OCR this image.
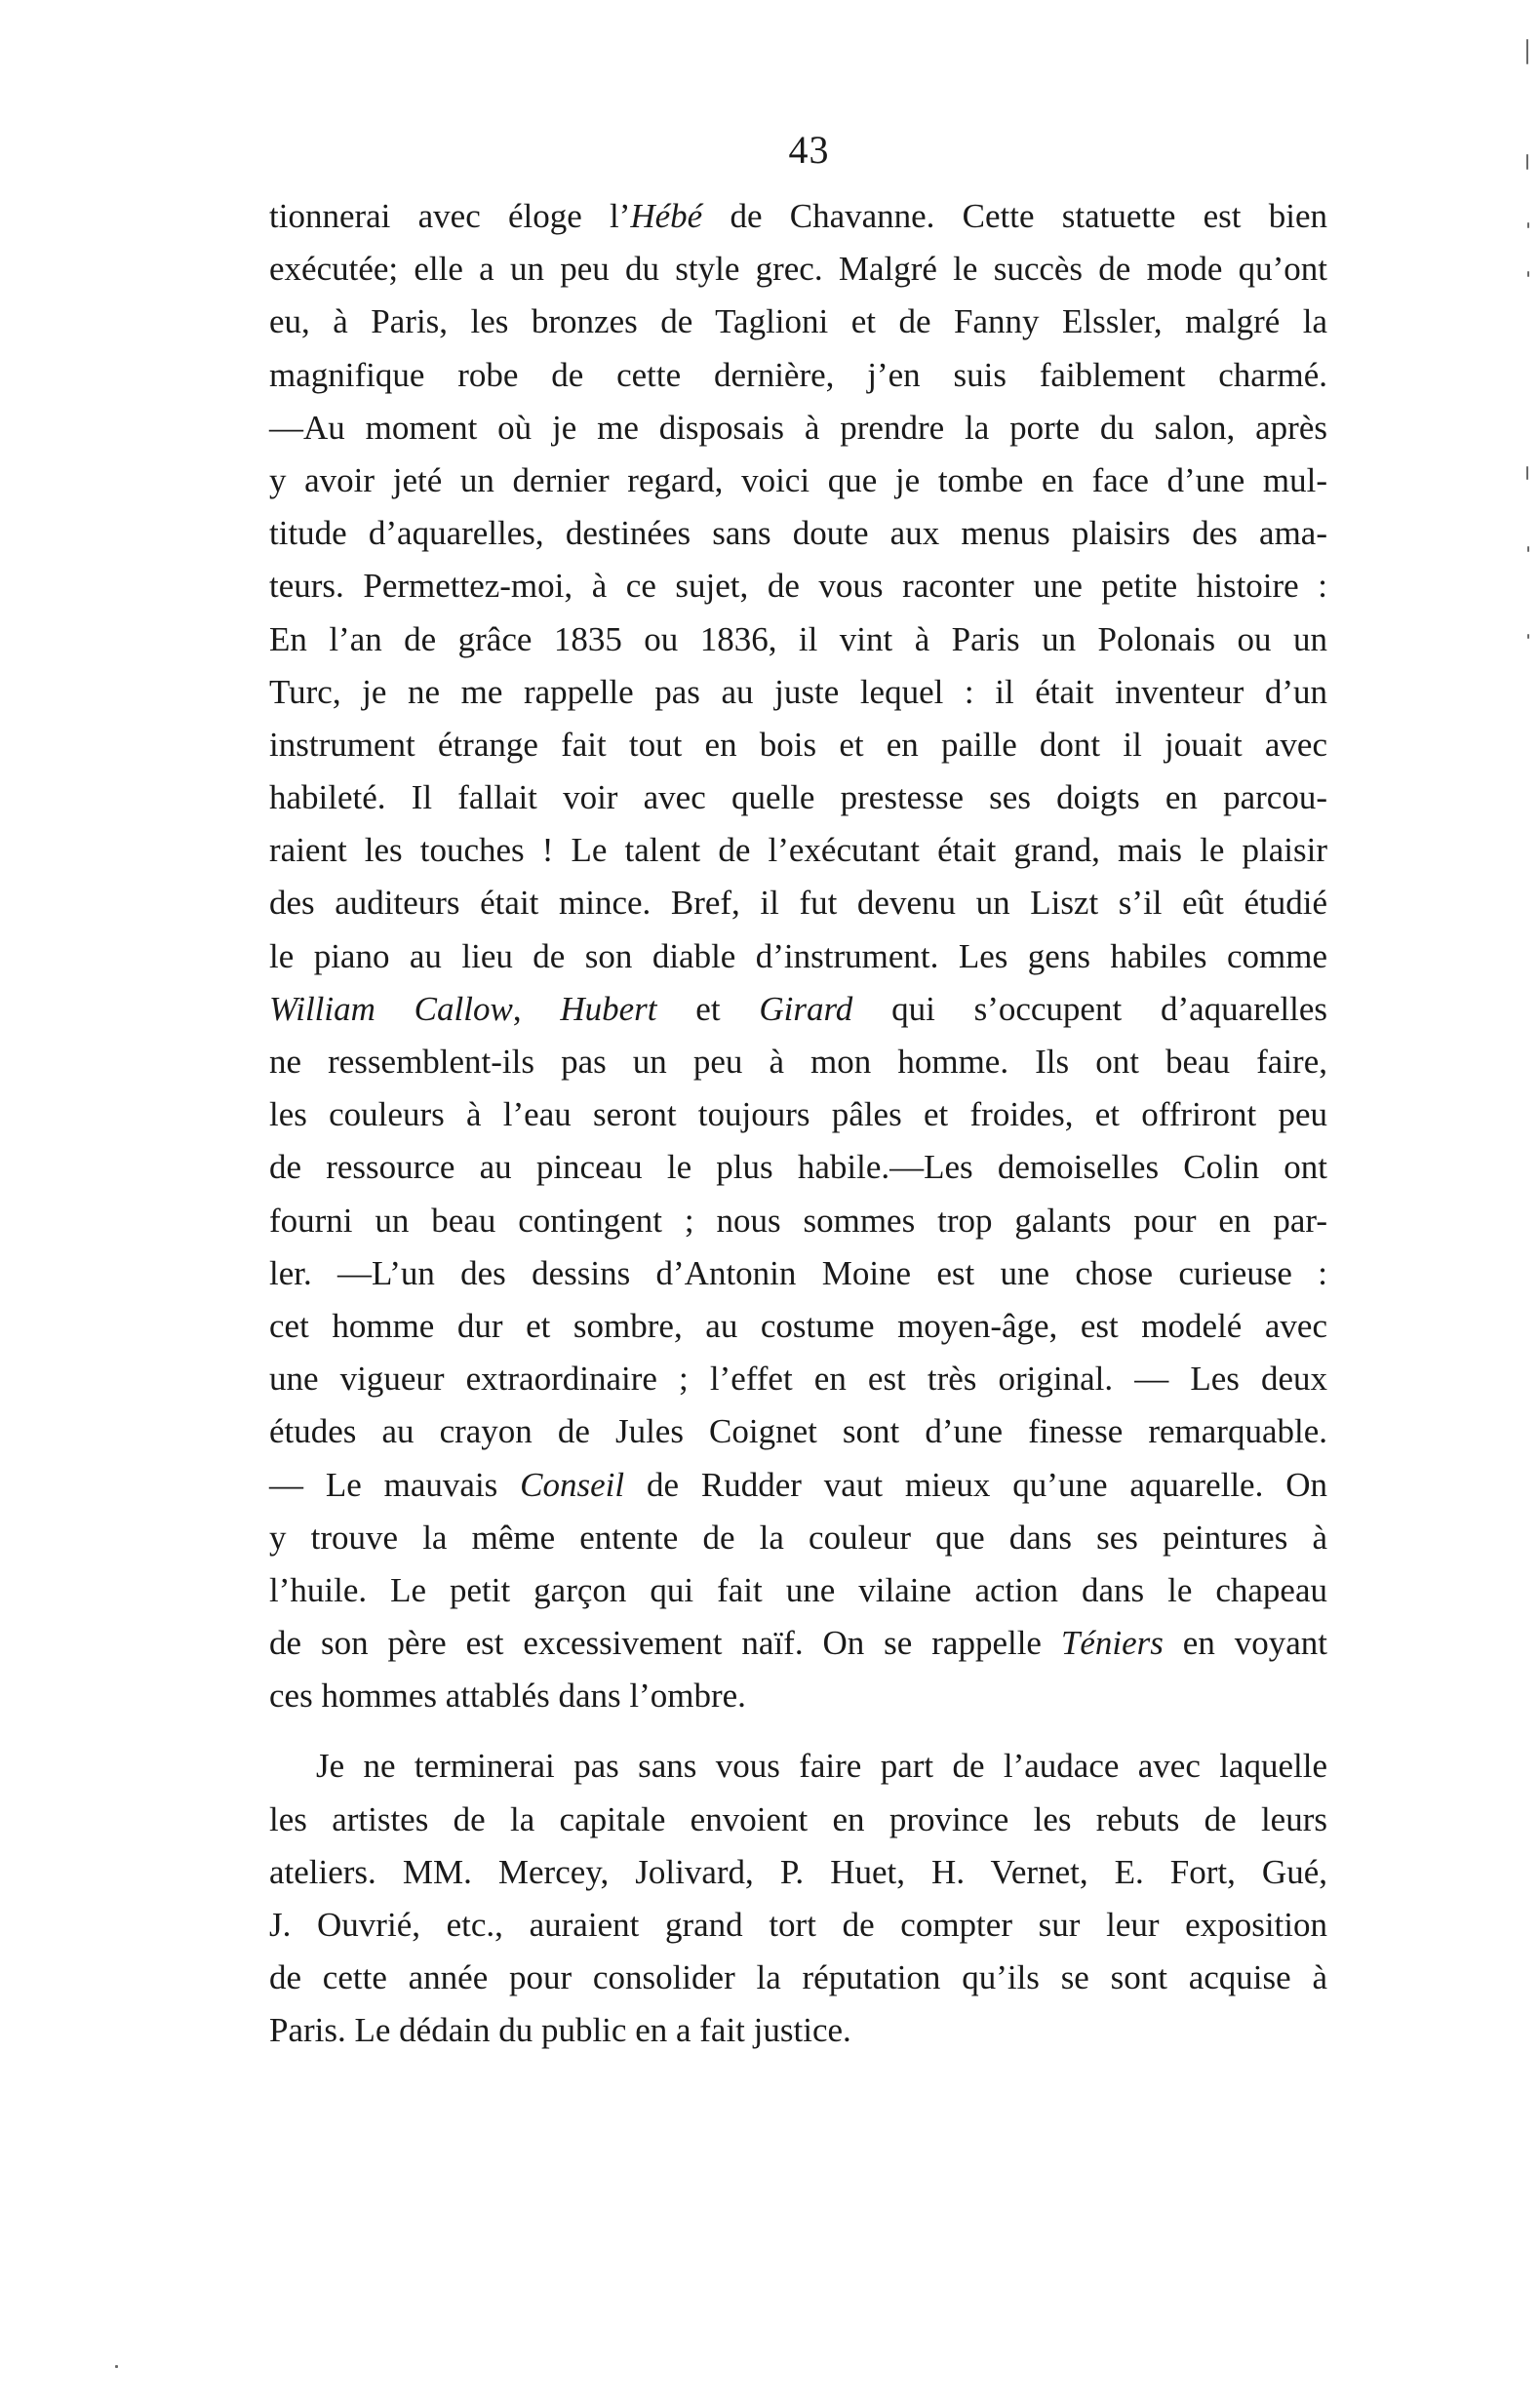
43
tionnerai avec éloge l’Hébé de Chavanne. Cette statuette est bien
exécutée; elle a un peu du style grec. Malgré le succès de mode qu’ont
eu, à Paris, les bronzes de Taglioni et de Fanny Elssler, malgré la
magnifique robe de cette dernière, j’en suis faiblement charmé.
—Au moment où je me disposais à prendre la porte du salon, après
y avoir jeté un dernier regard, voici que je tombe en face d’une mul-
titude d’aquarelles, destinées sans doute aux menus plaisirs des ama-
teurs. Permettez-moi, à ce sujet, de vous raconter une petite histoire :
En l’an de grâce 1835 ou 1836, il vint à Paris un Polonais ou un
Turc, je ne me rappelle pas au juste lequel : il était inventeur d’un
instrument étrange fait tout en bois et en paille dont il jouait avec
habileté. Il fallait voir avec quelle prestesse ses doigts en parcou-
raient les touches ! Le talent de l’exécutant était grand, mais le plaisir
des auditeurs était mince. Bref, il fut devenu un Liszt s’il eût étudié
le piano au lieu de son diable d’instrument. Les gens habiles comme
William Callow, Hubert et Girard qui s’occupent d’aquarelles
ne ressemblent-ils pas un peu à mon homme. Ils ont beau faire,
les couleurs à l’eau seront toujours pâles et froides, et offriront peu
de ressource au pinceau le plus habile.—Les demoiselles Colin ont
fourni un beau contingent ; nous sommes trop galants pour en par-
ler. —L’un des dessins d’Antonin Moine est une chose curieuse :
cet homme dur et sombre, au costume moyen-âge, est modelé avec
une vigueur extraordinaire ; l’effet en est très original. — Les deux
études au crayon de Jules Coignet sont d’une finesse remarquable.
— Le mauvais Conseil de Rudder vaut mieux qu’une aquarelle. On
y trouve la même entente de la couleur que dans ses peintures à
l’huile. Le petit garçon qui fait une vilaine action dans le chapeau
de son père est excessivement naïf. On se rappelle Téniers en voyant
ces hommes attablés dans l’ombre.
Je ne terminerai pas sans vous faire part de l’audace avec laquelle
les artistes de la capitale envoient en province les rebuts de leurs
ateliers. MM. Mercey, Jolivard, P. Huet, H. Vernet, E. Fort, Gué,
J. Ouvrié, etc., auraient grand tort de compter sur leur exposition
de cette année pour consolider la réputation qu’ils se sont acquise à
Paris. Le dédain du public en a fait justice.
